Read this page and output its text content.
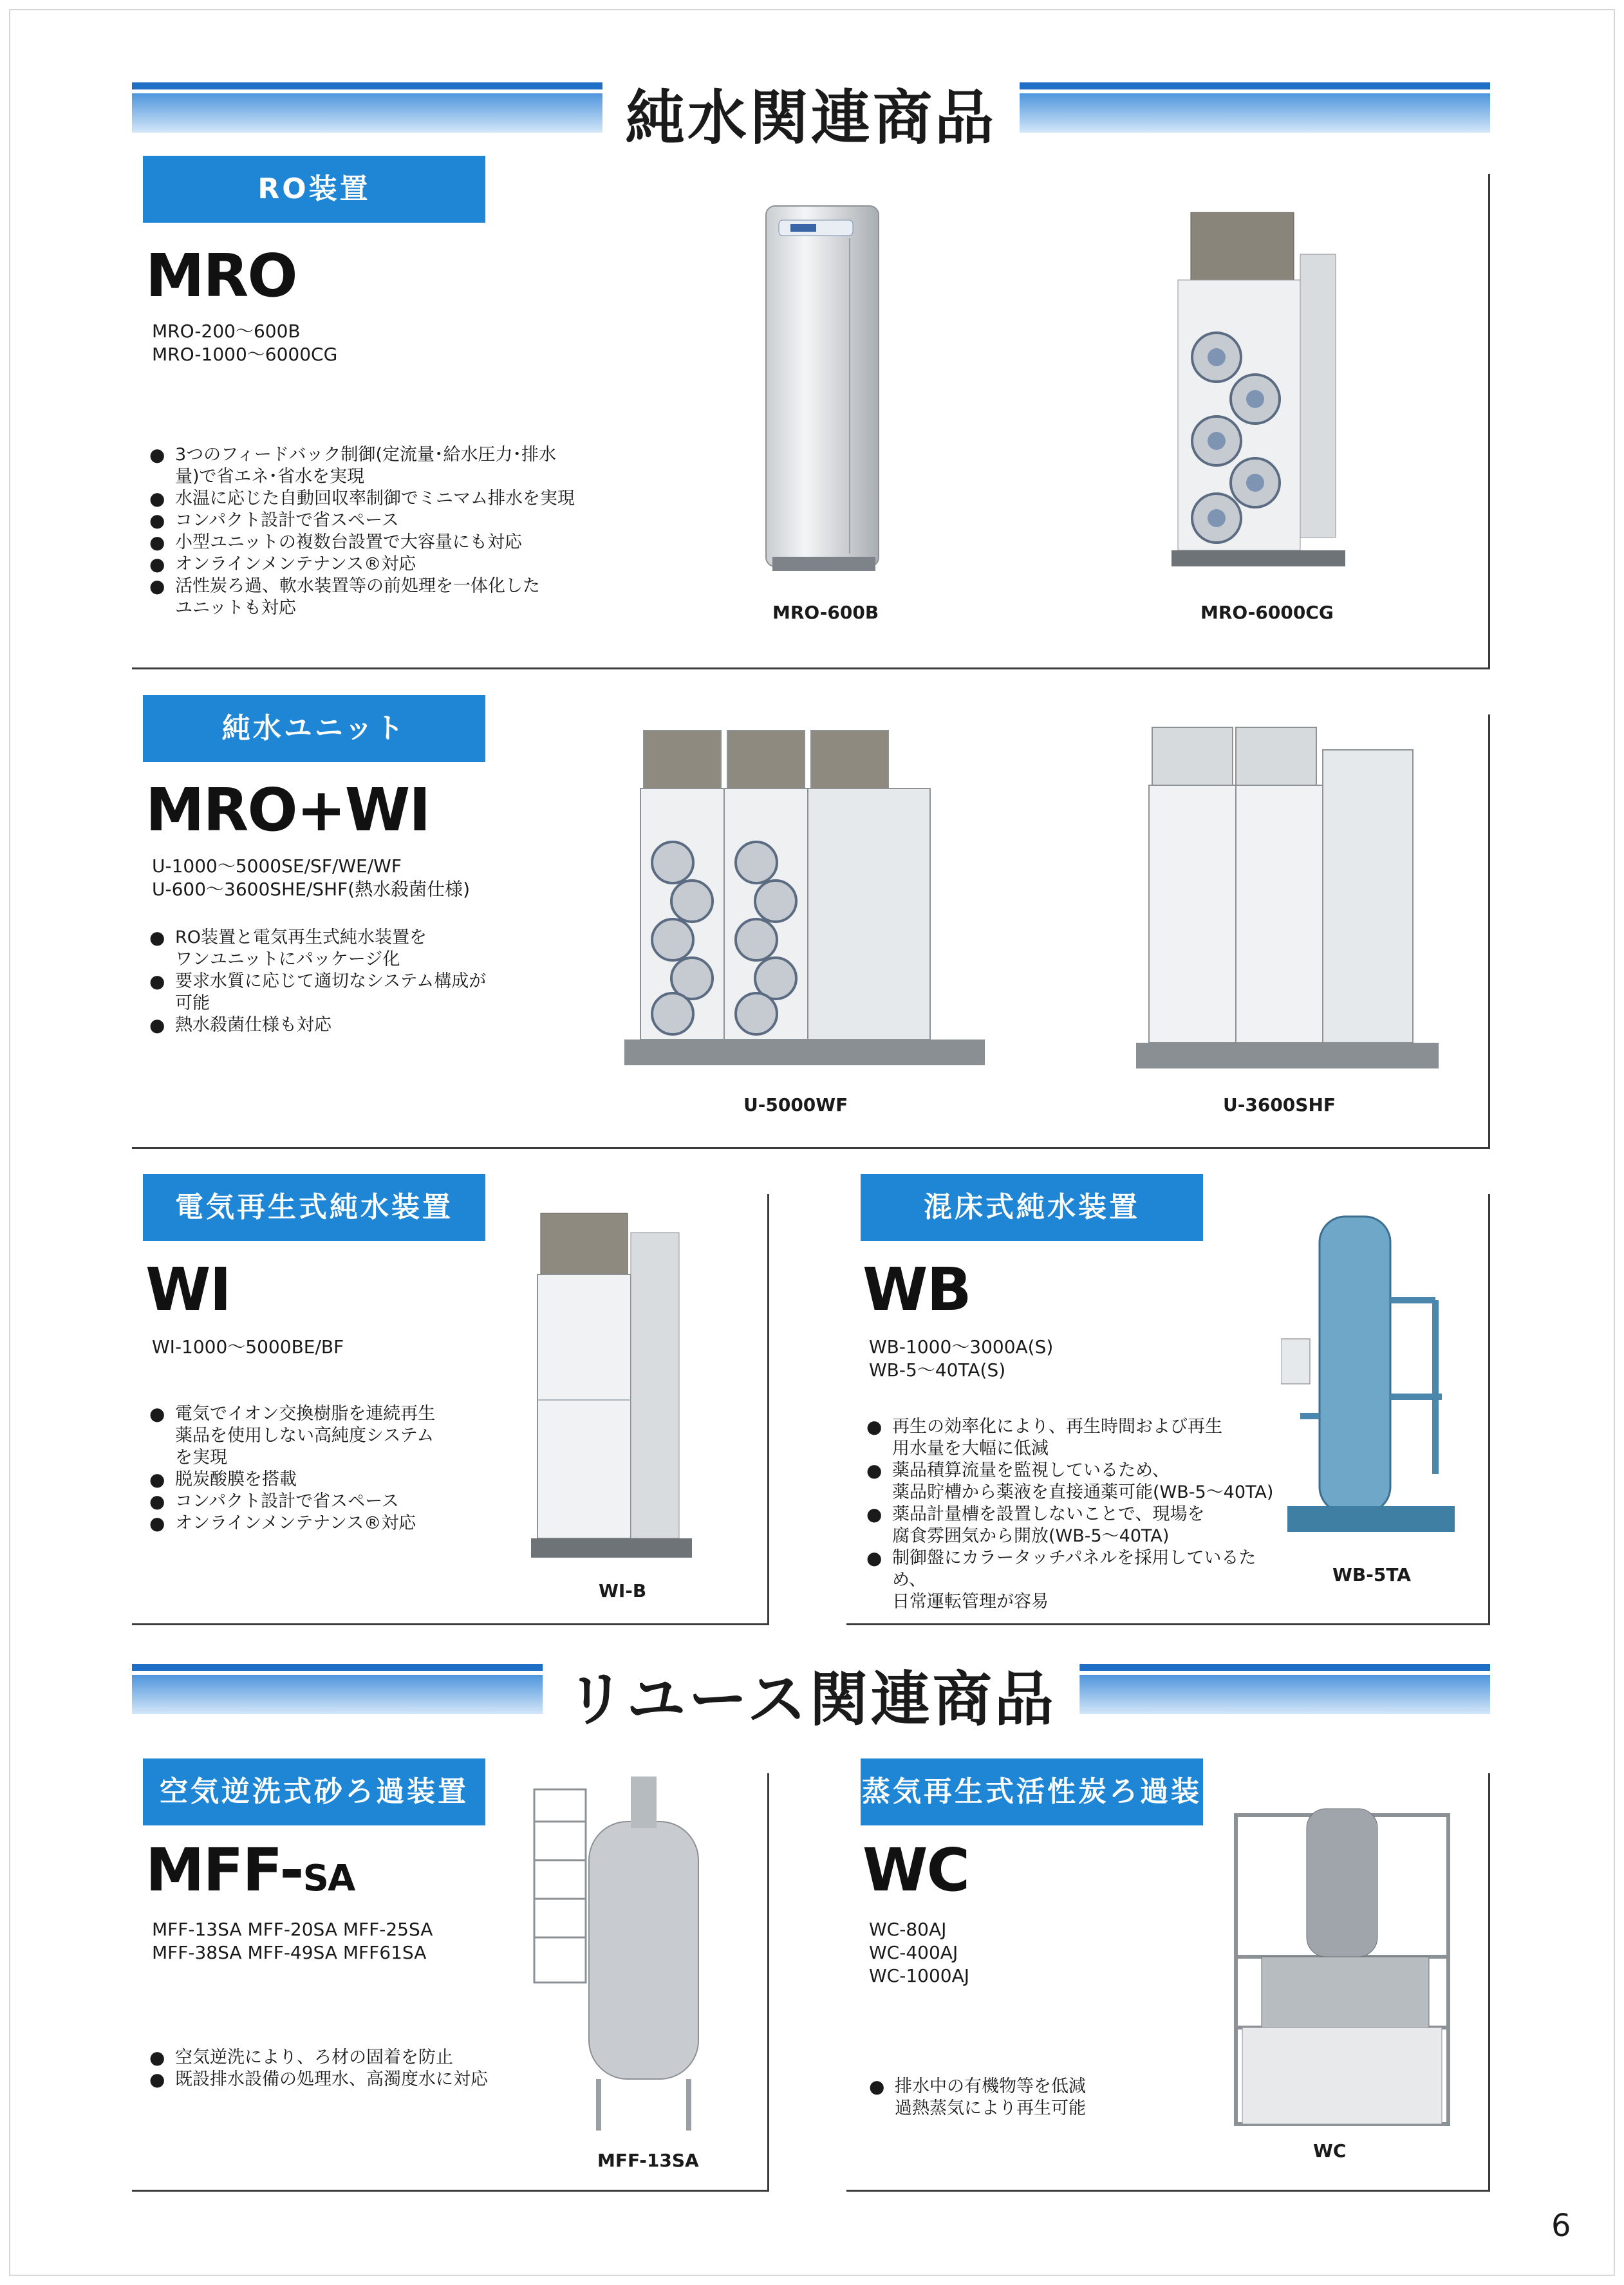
純水関連商品
RO装置
MRO
MRO-200～600B
MRO-1000～6000CG
● 3つのフィードバック制御(定流量･給水圧力･排水
量)で省エネ･省水を実現
● 水温に応じた自動回収率制御でミニマム排水を実現
● コンパクト設計で省スペース
● 小型ユニットの複数台設置で大容量にも対応
● オンラインメンテナンス®対応
● 活性炭ろ過、軟水装置等の前処理を一体化した
ユニットも対応	MRO-600B	MRO-6000CG
純水ユニット
MRO+WI
U-1000～5000SE/SF/WE/WF
U-600～3600SHE/SHF(熱水殺菌仕様)
● RO装置と電気再生式純水装置を
ワンユニットにパッケージ化
● 要求水質に応じて適切なシステム構成が
可能
● 熱水殺菌仕様も対応
U-5000WF	U-3600SHF
電気再生式純水装置
WI
WI-1000～5000BE/BF
● 電気でイオン交換樹脂を連続再生
薬品を使用しない高純度システム
を実現
● 脱炭酸膜を搭載
● コンパクト設計で省スペース
● オンラインメンテナンス®対応
WI-B
混床式純水装置
WB
WB-1000～3000A(S)
WB-5～40TA(S)
● 再生の効率化により、再生時間および再生
用水量を大幅に低減
● 薬品積算流量を監視しているため、
薬品貯槽から薬液を直接通薬可能(WB-5～40TA)
● 薬品計量槽を設置しないことで、現場を
腐食雰囲気から開放(WB-5～40TA)
● 制御盤にカラータッチパネルを採用しているため、
日常運転管理が容易
WB-5TA
リユース関連商品
空気逆洗式砂ろ過装置
MFF-SA
MFF-13SA MFF-20SA MFF-25SA
MFF-38SA MFF-49SA MFF61SA
● 空気逆洗により、ろ材の固着を防止
● 既設排水設備の処理水、高濁度水に対応
MFF-13SA
蒸気再生式活性炭ろ過装置
WC
WC-80AJ
WC-400AJ
WC-1000AJ
● 排水中の有機物等を低減
過熱蒸気により再生可能
WC
6
